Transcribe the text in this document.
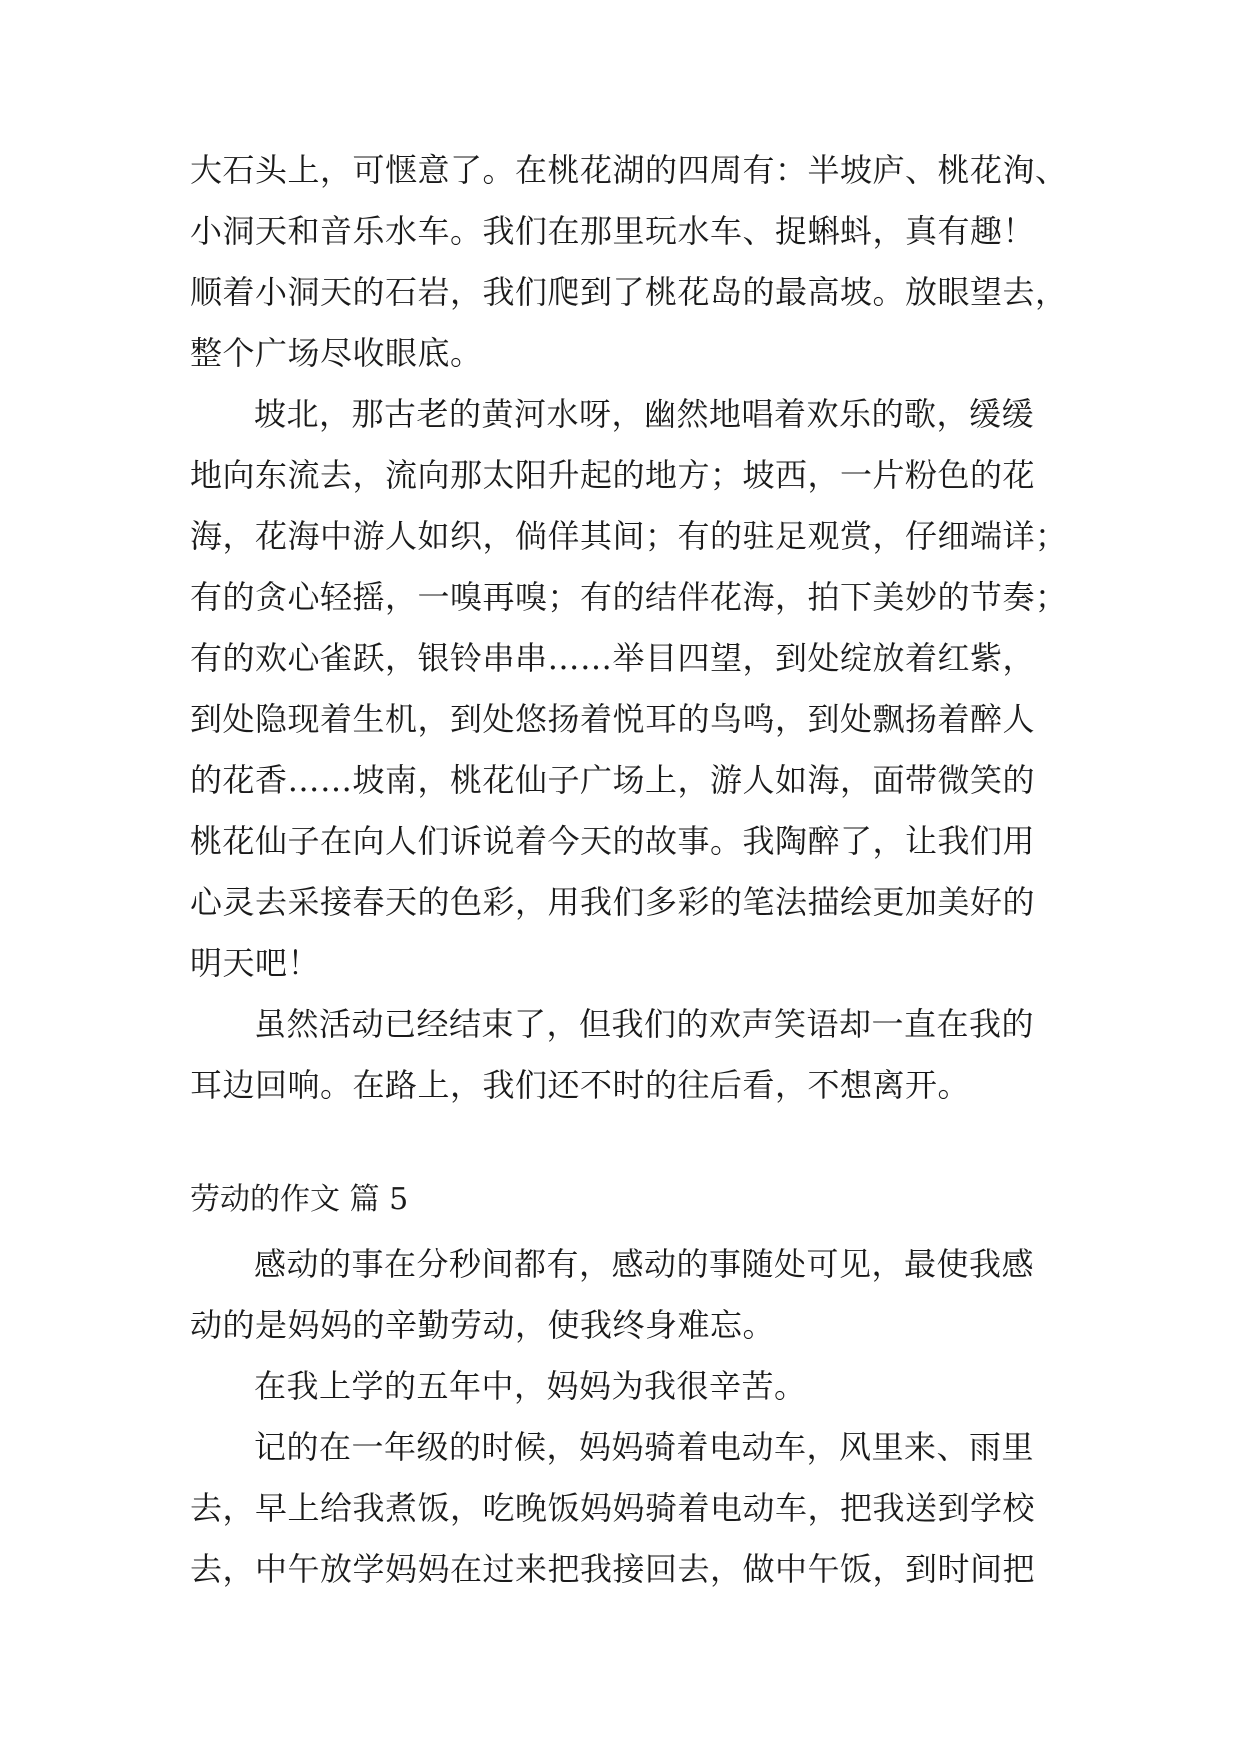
大石头上，可惬意了。在桃花湖的四周有：半坡庐、桃花洵、

小洞天和音乐水车。我们在那里玩水车、捉蝌蚪，真有趣！

顺着小洞天的石岩，我们爬到了桃花岛的最高坡。放眼望去，

整个广场尽收眼底。

坡北，那古老的黄河水呀，幽然地唱着欢乐的歌，缓缓

地向东流去，流向那太阳升起的地方；坡西，一片粉色的花

海，花海中游人如织，倘佯其间；有的驻足观赏，仔细端详；

有的贪心轻摇，一嗅再嗅；有的结伴花海，拍下美妙的节奏；

有的欢心雀跃，银铃串串……举目四望，到处绽放着红紫，

到处隐现着生机，到处悠扬着悦耳的鸟鸣，到处飘扬着醉人

的花香……坡南，桃花仙子广场上，游人如海，面带微笑的

桃花仙子在向人们诉说着今天的故事。我陶醉了，让我们用

心灵去采接春天的色彩，用我们多彩的笔法描绘更加美好的

明天吧！

虽然活动已经结束了，但我们的欢声笑语却一直在我的

耳边回响。在路上，我们还不时的往后看，不想离开。

劳动的作文 篇 5

感动的事在分秒间都有，感动的事随处可见，最使我感

动的是妈妈的辛勤劳动，使我终身难忘。

在我上学的五年中，妈妈为我很辛苦。

记的在一年级的时候，妈妈骑着电动车，风里来、雨里

去，早上给我煮饭，吃晚饭妈妈骑着电动车，把我送到学校

去，中午放学妈妈在过来把我接回去，做中午饭，到时间把
